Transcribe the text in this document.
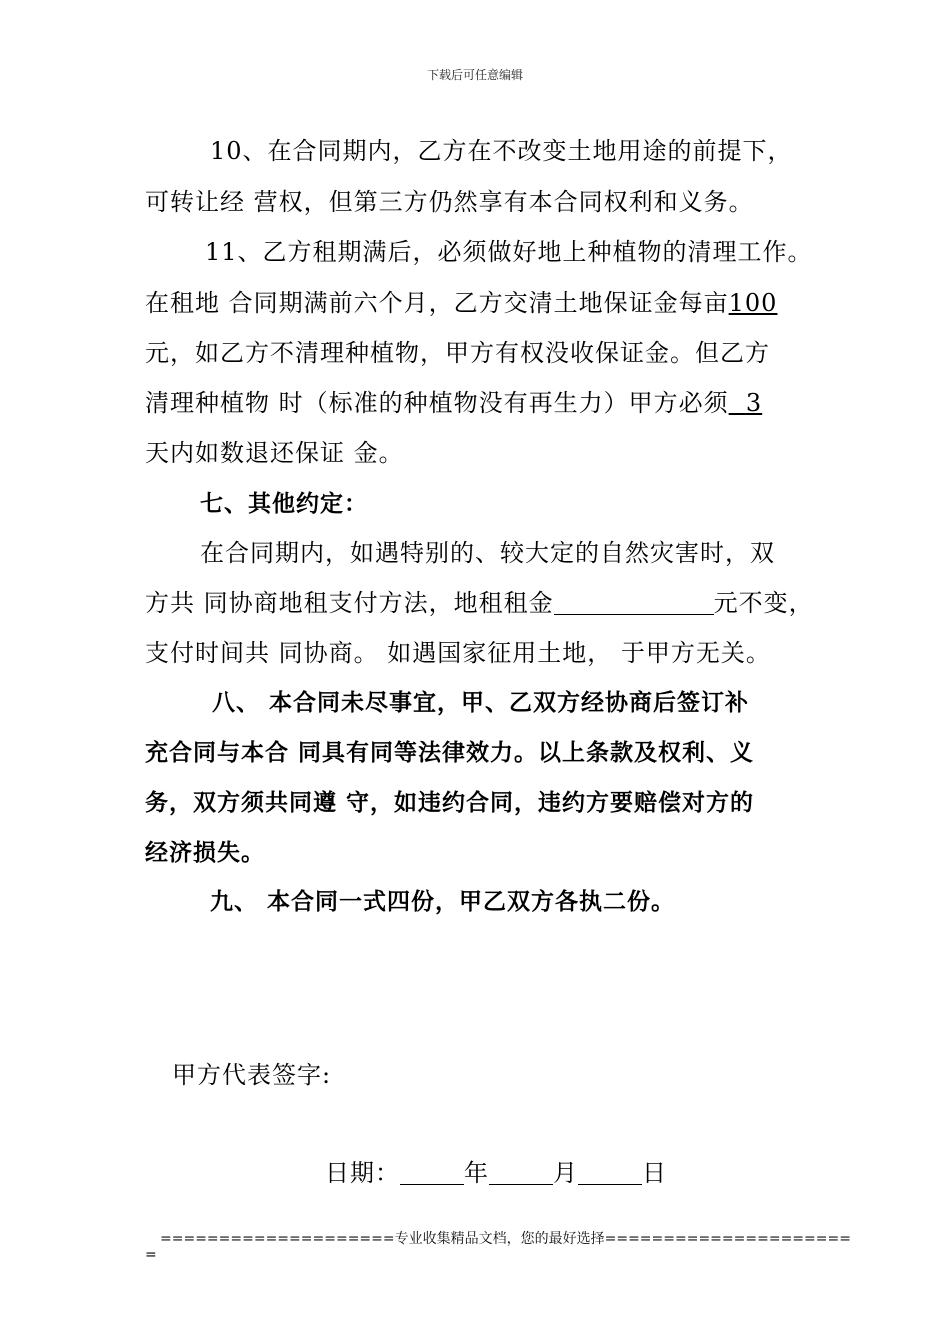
下载后可任意编辑
10、在合同期内，乙方在不改变土地用途的前提下，
可转让经 营权，但第三方仍然享有本合同权利和义务。
11、乙方租期满后，必须做好地上种植物的清理工作。
在租地 合同期满前六个月，乙方交清土地保证金每亩100
元，如乙方不清理种植物，甲方有权没收保证金。但乙方
清理种植物 时（标准的种植物没有再生力）甲方必须 3
天内如数退还保证 金。
七、其他约定：
在合同期内，如遇特别的、较大定的自然灾害时，双
方共 同协商地租支付方法，地租租金	元不变，
支付时间共 同协商。 如遇国家征用土地， 于甲方无关。
八、 本合同未尽事宜，甲、乙双方经协商后签订补
充合同与本合 同具有同等法律效力。以上条款及权利、义
务，双方须共同遵 守，如违约合同，违约方要赔偿对方的
经济损失。
九、 本合同一式四份，甲乙双方各执二份。
甲方代表签字:
日期：	年	月	日
====================专业收集精品文档，您的最好选择=====================
=
